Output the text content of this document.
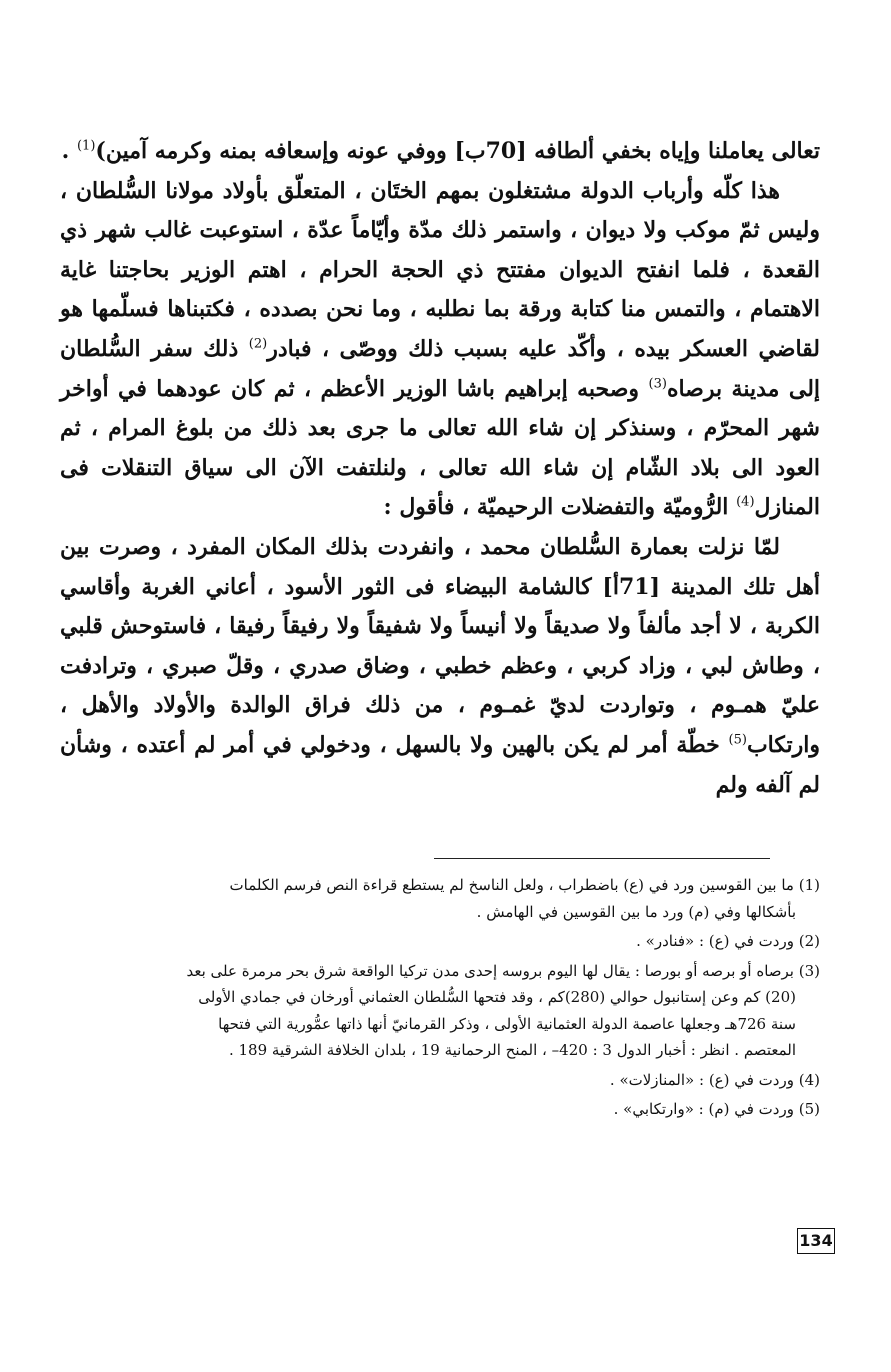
تعالى يعاملنا وإياه بخفي ألطافه [70ب] ووفي عونه وإسعافه بمنه وكرمه آمين)$^{(1)}$ .

هذا كلّه وأرباب الدولة مشتغلون بمهم الختَان ، المتعلّق بأولاد مولانا السُّلطان ، وليس ثمّ موكب ولا ديوان ، واستمر ذلك مدّة وأيّاماً عدّة ، استوعبت غالب شهر ذي القعدة ، فلما انفتح الديوان مفتتح ذي الحجة الحرام ، اهتم الوزير بحاجتنا غاية الاهتمام ، والتمس منا كتابة ورقة بما نطلبه ، وما نحن بصدده ، فكتبناها فسلّمها هو لقاضي العسكر بيده ، وأكّد عليه بسبب ذلك ووصّى ، فبادر$^{(2)}$ ذلك سفر السُّلطان إلى مدينة برصاه$^{(3)}$ وصحبه إبراهيم باشا الوزير الأعظم ، ثم كان عودهما في أواخر شهر المحرّم ، وسنذكر إن شاء الله تعالى ما جرى بعد ذلك من بلوغ المرام ، ثم العود الى بلاد الشّام إن شاء الله تعالى ، ولنلتفت الآن الى سياق التنقلات فى المنازل$^{(4)}$ الرُّوميّة والتفضلات الرحيميّة ، فأقول :

لمّا نزلت بعمارة السُّلطان محمد ، وانفردت بذلك المكان المفرد ، وصرت بين أهل تلك المدينة [71أ] كالشامة البيضاء فى الثور الأسود ، أعاني الغربة وأقاسي الكربة ، لا أجد مألفاً ولا صديقاً ولا أنيساً ولا شفيقاً ولا رفيقاً رفيقا ، فاستوحش قلبي ، وطاش لبي ، وزاد كربي ، وعظم خطبي ، وضاق صدري ، وقلّ صبري ، وترادفت عليّ همـوم ، وتواردت لديّ غمـوم ، من ذلك فراق الوالدة والأولاد والأهل ، وارتكاب$^{(5)}$ خطّة أمر لم يكن بالهين ولا بالسهل ، ودخولي في أمر لم أعتده ، وشأن لم آلفه ولم

(1) ما بين القوسين ورد في (ع) باضطراب ، ولعل الناسخ لم يستطع قراءة النص فرسم الكلمات
بأشكالها وفي (م) ورد ما بين القوسين في الهامش .

(2) وردت في (ع) : «فنادر» .

(3) برصاه أو برصه أو بورصا : يقال لها اليوم بروسه إحدى مدن تركيا الواقعة شرق بحر مرمرة على بعد
(20) كم وعن إستانبول حوالي (280)كم ، وقد فتحها السُّلطان العثماني أورخان في جمادي الأولى
سنة 726هـ وجعلها عاصمة الدولة العثمانية الأولى ، وذكر القرمانيّ أنها ذاتها عمُّورية التي فتحها
المعتصم . انظر : أخبار الدول 3 : 420– ، المنح الرحمانية 19 ، بلدان الخلافة الشرقية 189 .

(4) وردت في (ع) : «المنازلات» .

(5) وردت في (م) : «وارتكابي» .

134
